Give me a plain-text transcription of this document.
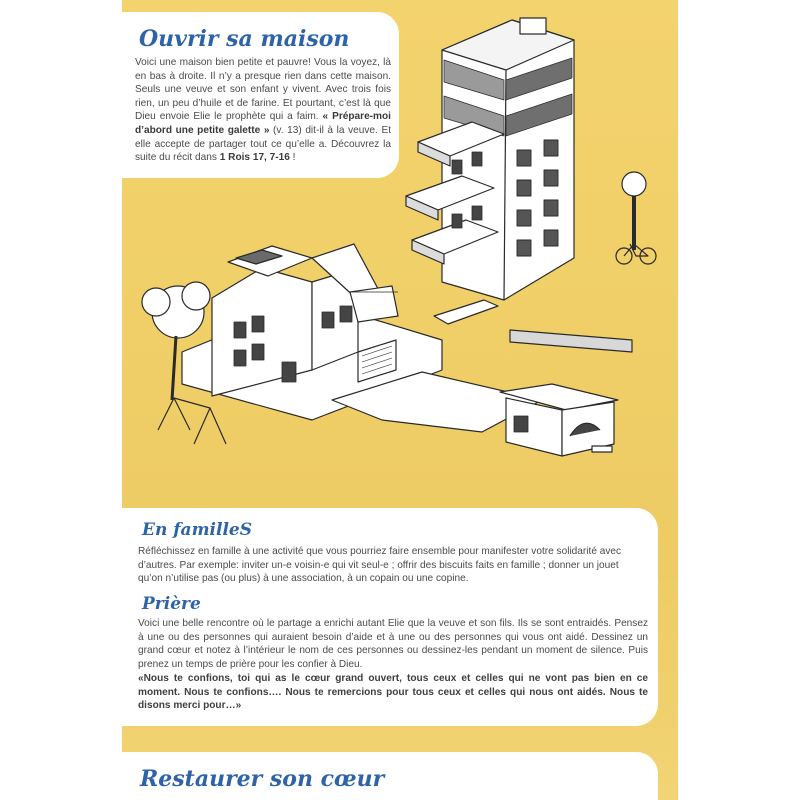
Ouvrir sa maison
Voici une maison bien petite et pauvre! Vous la voyez, là en bas à droite. Il n’y a presque rien dans cette maison. Seuls une veuve et son enfant y vivent. Avec trois fois rien, un peu d’huile et de farine. Et pourtant, c’est là que Dieu envoie Elie le prophète qui a faim. « Prépare-moi d’abord une petite galette » (v. 13) dit-il à la veuve. Et elle accepte de partager tout ce qu’elle a. Découvrez la suite du récit dans 1 Rois 17, 7-16 !
En familleS
Réfléchissez en famille à une activité que vous pourriez faire ensemble pour manifester votre solidarité avec d’autres. Par exemple: inviter un-e voisin-e qui vit seul-e ; offrir des biscuits faits en famille ; donner un jouet qu’on n’utilise pas (ou plus) à une association, à un copain ou une copine.
Prière
Voici une belle rencontre où le partage a enrichi autant Elie que la veuve et son fils. Ils se sont entraidés. Pensez à une ou des personnes qui auraient besoin d’aide et à une ou des personnes qui vous ont aidé. Dessinez un grand cœur et notez à l’intérieur le nom de ces personnes ou dessinez-les pendant un moment de silence. Puis prenez un temps de prière pour les confier à Dieu.
«Nous te confions, toi qui as le cœur grand ouvert, tous ceux et celles qui ne vont pas bien en ce moment. Nous te confions…. Nous te remercions pour tous ceux et celles qui nous ont aidés. Nous te disons merci pour…»
Restaurer son cœur
